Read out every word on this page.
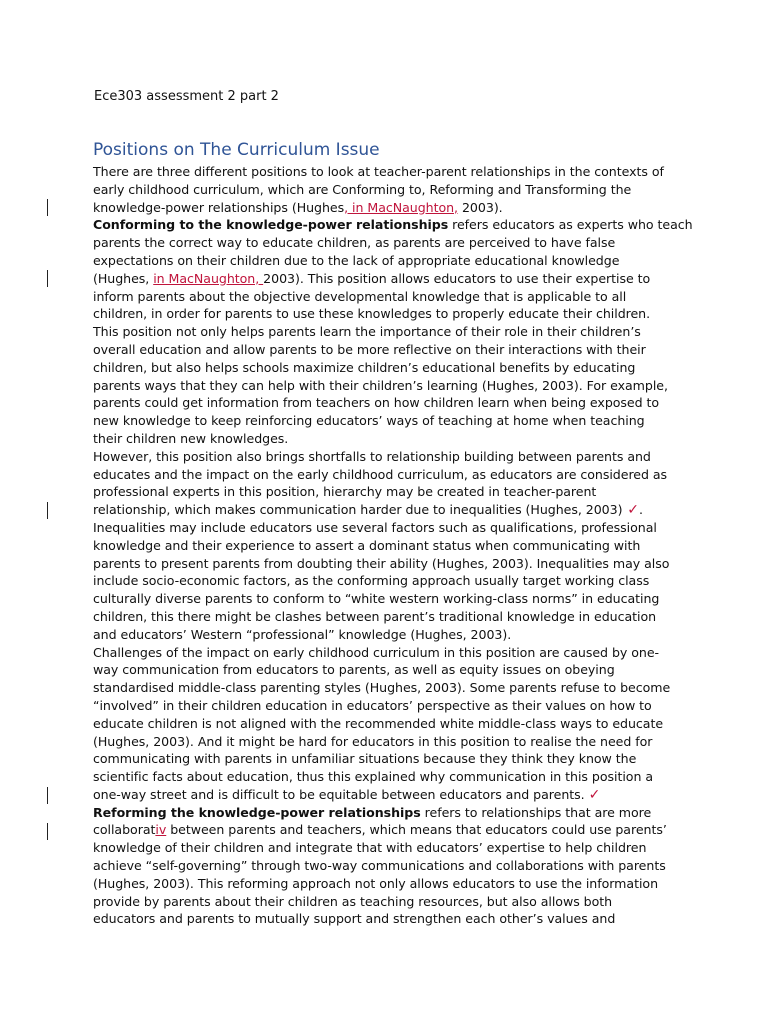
Ece303 assessment 2 part 2
Positions on The Curriculum Issue
There are three different positions to look at teacher-parent relationships in the contexts of
early childhood curriculum, which are Conforming to, Reforming and Transforming the
knowledge-power relationships (Hughes, in MacNaughton, 2003).
Conforming to the knowledge-power relationships refers educators as experts who teach
parents the correct way to educate children, as parents are perceived to have false
expectations on their children due to the lack of appropriate educational knowledge
(Hughes, in MacNaughton, 2003). This position allows educators to use their expertise to
inform parents about the objective developmental knowledge that is applicable to all
children, in order for parents to use these knowledges to properly educate their children.
This position not only helps parents learn the importance of their role in their children’s
overall education and allow parents to be more reflective on their interactions with their
children, but also helps schools maximize children’s educational benefits by educating
parents ways that they can help with their children’s learning (Hughes, 2003). For example,
parents could get information from teachers on how children learn when being exposed to
new knowledge to keep reinforcing educators’ ways of teaching at home when teaching
their children new knowledges.
However, this position also brings shortfalls to relationship building between parents and
educates and the impact on the early childhood curriculum, as educators are considered as
professional experts in this position, hierarchy may be created in teacher-parent
relationship, which makes communication harder due to inequalities (Hughes, 2003) ✓.
Inequalities may include educators use several factors such as qualifications, professional
knowledge and their experience to assert a dominant status when communicating with
parents to present parents from doubting their ability (Hughes, 2003). Inequalities may also
include socio-economic factors, as the conforming approach usually target working class
culturally diverse parents to conform to “white western working-class norms” in educating
children, this there might be clashes between parent’s traditional knowledge in education
and educators’ Western “professional” knowledge (Hughes, 2003).
Challenges of the impact on early childhood curriculum in this position are caused by one-
way communication from educators to parents, as well as equity issues on obeying
standardised middle-class parenting styles (Hughes, 2003). Some parents refuse to become
“involved” in their children education in educators’ perspective as their values on how to
educate children is not aligned with the recommended white middle-class ways to educate
(Hughes, 2003). And it might be hard for educators in this position to realise the need for
communicating with parents in unfamiliar situations because they think they know the
scientific facts about education, thus this explained why communication in this position a
one-way street and is difficult to be equitable between educators and parents. ✓
Reforming the knowledge-power relationships refers to relationships that are more
collaborativ between parents and teachers, which means that educators could use parents’
knowledge of their children and integrate that with educators’ expertise to help children
achieve “self-governing” through two-way communications and collaborations with parents
(Hughes, 2003). This reforming approach not only allows educators to use the information
provide by parents about their children as teaching resources, but also allows both
educators and parents to mutually support and strengthen each other’s values and
